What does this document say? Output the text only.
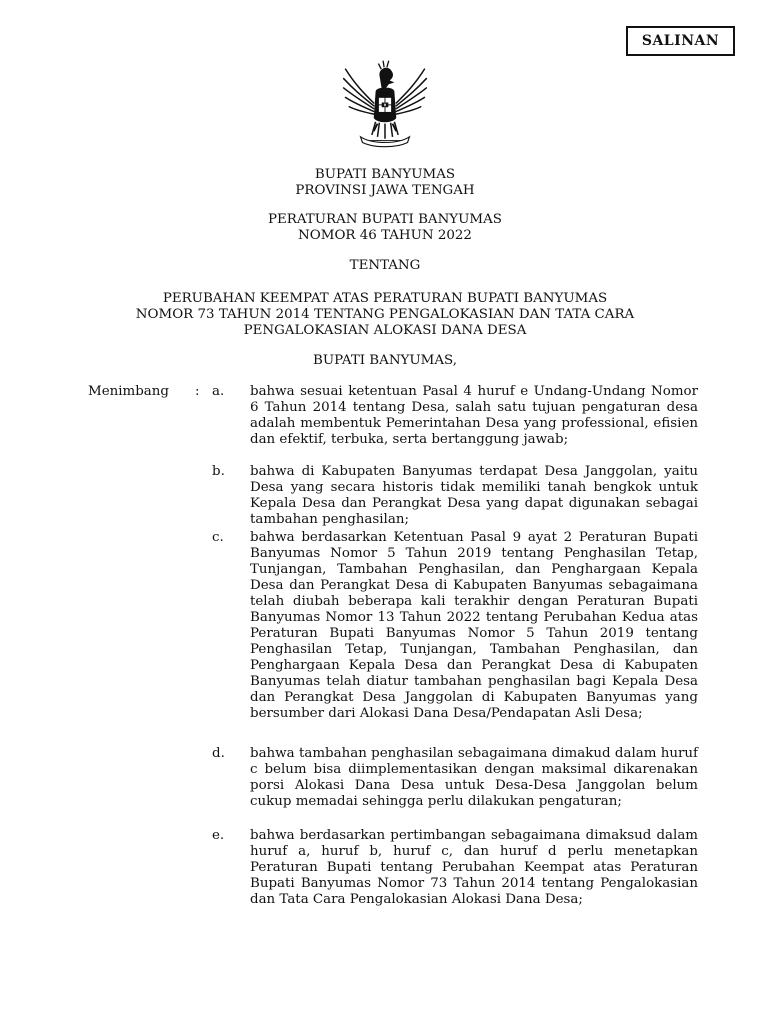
SALINAN
BUPATI BANYUMAS
PROVINSI JAWA TENGAH
PERATURAN BUPATI BANYUMAS
NOMOR 46 TAHUN 2022
TENTANG
PERUBAHAN KEEMPAT ATAS PERATURAN BUPATI BANYUMAS
NOMOR 73 TAHUN 2014 TENTANG PENGALOKASIAN DAN TATA CARA
PENGALOKASIAN ALOKASI DANA DESA
BUPATI BANYUMAS,
Menimbang : a. bahwa sesuai ketentuan Pasal 4 huruf e Undang-Undang Nomor 6 Tahun 2014 tentang Desa, salah satu tujuan pengaturan desa adalah membentuk Pemerintahan Desa yang professional, efisien dan efektif, terbuka, serta bertanggung jawab;
b. bahwa di Kabupaten Banyumas terdapat Desa Janggolan, yaitu Desa yang secara historis tidak memiliki tanah bengkok untuk Kepala Desa dan Perangkat Desa yang dapat digunakan sebagai tambahan penghasilan;
c. bahwa berdasarkan Ketentuan Pasal 9 ayat 2 Peraturan Bupati Banyumas Nomor 5 Tahun 2019 tentang Penghasilan Tetap, Tunjangan, Tambahan Penghasilan, dan Penghargaan Kepala Desa dan Perangkat Desa di Kabupaten Banyumas sebagaimana telah diubah beberapa kali terakhir dengan Peraturan Bupati Banyumas Nomor 13 Tahun 2022 tentang Perubahan Kedua atas Peraturan Bupati Banyumas Nomor 5 Tahun 2019 tentang Penghasilan Tetap, Tunjangan, Tambahan Penghasilan, dan Penghargaan Kepala Desa dan Perangkat Desa di Kabupaten Banyumas telah diatur tambahan penghasilan bagi Kepala Desa dan Perangkat Desa Janggolan di Kabupaten Banyumas yang bersumber dari Alokasi Dana Desa/Pendapatan Asli Desa;
d. bahwa tambahan penghasilan sebagaimana dimakud dalam huruf c belum bisa diimplementasikan dengan maksimal dikarenakan porsi Alokasi Dana Desa untuk Desa-Desa Janggolan belum cukup memadai sehingga perlu dilakukan pengaturan;
e. bahwa berdasarkan pertimbangan sebagaimana dimaksud dalam huruf a, huruf b, huruf c, dan huruf d perlu menetapkan Peraturan Bupati tentang Perubahan Keempat atas Peraturan Bupati Banyumas Nomor 73 Tahun 2014 tentang Pengalokasian dan Tata Cara Pengalokasian Alokasi Dana Desa;
